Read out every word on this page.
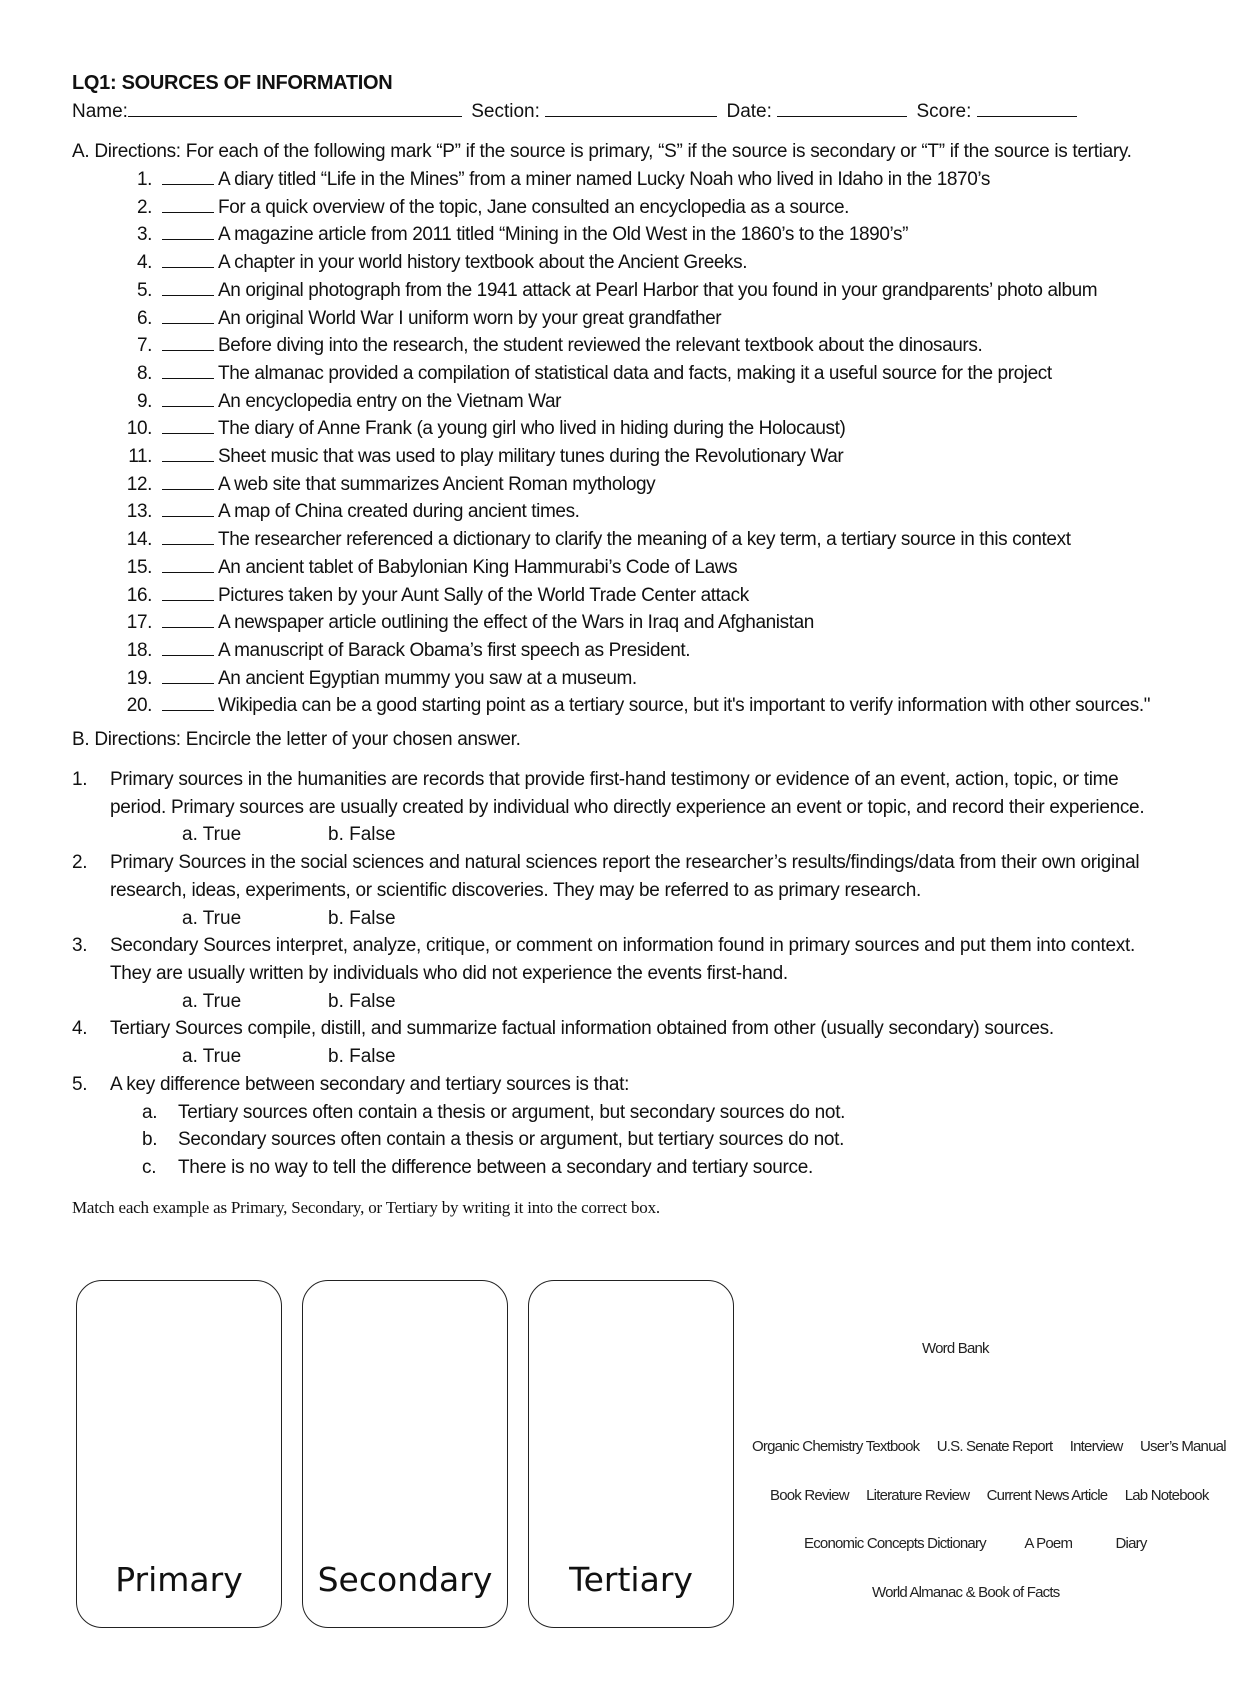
LQ1: SOURCES OF INFORMATION
Name:	Section:	Date:	Score:
A. Directions: For each of the following mark “P” if the source is primary, “S” if the source is secondary or “T” if the source is tertiary.
1.	A diary titled “Life in the Mines” from a miner named Lucky Noah who lived in Idaho in the 1870’s
2.	For a quick overview of the topic, Jane consulted an encyclopedia as a source.
3.	A magazine article from 2011 titled “Mining in the Old West in the 1860’s to the 1890’s”
4.	A chapter in your world history textbook about the Ancient Greeks.
5.	An original photograph from the 1941 attack at Pearl Harbor that you found in your grandparents’ photo album
6.	An original World War I uniform worn by your great grandfather
7.	Before diving into the research, the student reviewed the relevant textbook about the dinosaurs.
8.	The almanac provided a compilation of statistical data and facts, making it a useful source for the project
9.	An encyclopedia entry on the Vietnam War
10.	The diary of Anne Frank (a young girl who lived in hiding during the Holocaust)
11.	Sheet music that was used to play military tunes during the Revolutionary War
12.	A web site that summarizes Ancient Roman mythology
13.	A map of China created during ancient times.
14.	The researcher referenced a dictionary to clarify the meaning of a key term, a tertiary source in this context
15.	An ancient tablet of Babylonian King Hammurabi’s Code of Laws
16.	Pictures taken by your Aunt Sally of the World Trade Center attack
17.	A newspaper article outlining the effect of the Wars in Iraq and Afghanistan
18.	A manuscript of Barack Obama’s first speech as President.
19.	An ancient Egyptian mummy you saw at a museum.
20.	Wikipedia can be a good starting point as a tertiary source, but it's important to verify information with other sources."
B. Directions: Encircle the letter of your chosen answer.
1. Primary sources in the humanities are records that provide first-hand testimony or evidence of an event, action, topic, or time period. Primary sources are usually created by individual who directly experience an event or topic, and record their experience.
a. True	b. False
2. Primary Sources in the social sciences and natural sciences report the researcher’s results/findings/data from their own original research, ideas, experiments, or scientific discoveries. They may be referred to as primary research.
a. True	b. False
3. Secondary Sources interpret, analyze, critique, or comment on information found in primary sources and put them into context. They are usually written by individuals who did not experience the events first-hand.
a. True	b. False
4. Tertiary Sources compile, distill, and summarize factual information obtained from other (usually secondary) sources.
a. True	b. False
5. A key difference between secondary and tertiary sources is that:
a. Tertiary sources often contain a thesis or argument, but secondary sources do not.
b. Secondary sources often contain a thesis or argument, but tertiary sources do not.
c. There is no way to tell the difference between a secondary and tertiary source.
Match each example as Primary, Secondary, or Tertiary by writing it into the correct box.
Primary	Secondary	Tertiary
Word Bank
Organic Chemistry Textbook U.S. Senate Report Interview User’s Manual
Book Review Literature Review Current News Article Lab Notebook
Economic Concepts Dictionary	A Poem	Diary
World Almanac & Book of Facts
